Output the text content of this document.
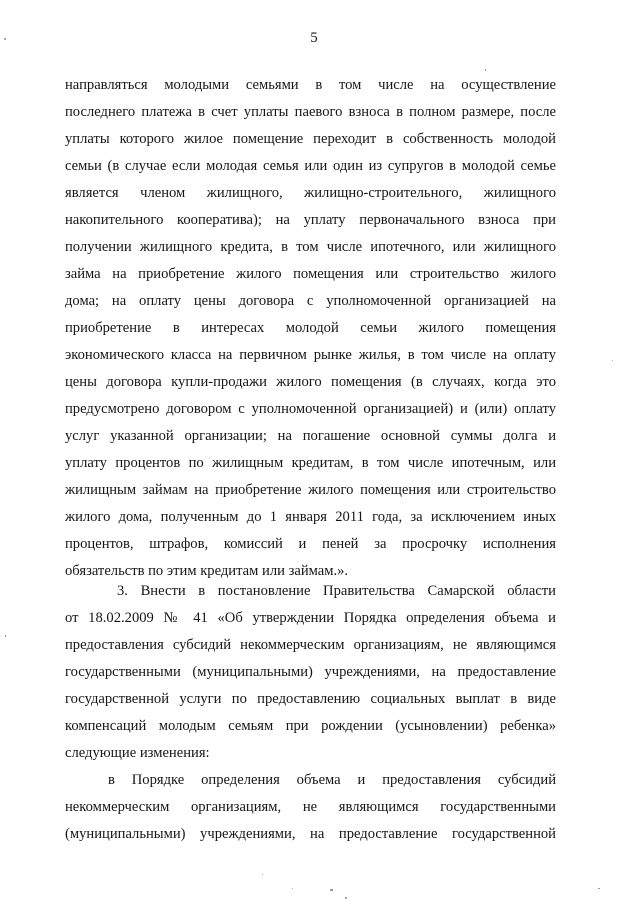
5
направляться молодыми семьями в том числе на осуществление
последнего платежа в счет уплаты паевого взноса в полном размере, после
уплаты которого жилое помещение переходит в собственность молодой
семьи (в случае если молодая семья или один из супругов в молодой семье
является членом жилищного, жилищно-строительного, жилищного
накопительного кооператива); на уплату первоначального взноса при
получении жилищного кредита, в том числе ипотечного, или жилищного
займа на приобретение жилого помещения или строительство жилого
дома; на оплату цены договора с уполномоченной организацией на
приобретение в интересах молодой семьи жилого помещения
экономического класса на первичном рынке жилья, в том числе на оплату
цены договора купли-продажи жилого помещения (в случаях, когда это
предусмотрено договором с уполномоченной организацией) и (или) оплату
услуг указанной организации; на погашение основной суммы долга и
уплату процентов по жилищным кредитам, в том числе ипотечным, или
жилищным займам на приобретение жилого помещения или строительство
жилого дома, полученным до 1 января 2011 года, за исключением иных
процентов, штрафов, комиссий и пеней за просрочку исполнения
обязательств по этим кредитам или займам.».
3. Внести в постановление Правительства Самарской области
от 18.02.2009 № 41 «Об утверждении Порядка определения объема и
предоставления субсидий некоммерческим организациям, не являющимся
государственными (муниципальными) учреждениями, на предоставление
государственной услуги по предоставлению социальных выплат в виде
компенсаций молодым семьям при рождении (усыновлении) ребенка»
следующие изменения:
в Порядке определения объема и предоставления субсидий
некоммерческим организациям, не являющимся государственными
(муниципальными) учреждениями, на предоставление государственной
